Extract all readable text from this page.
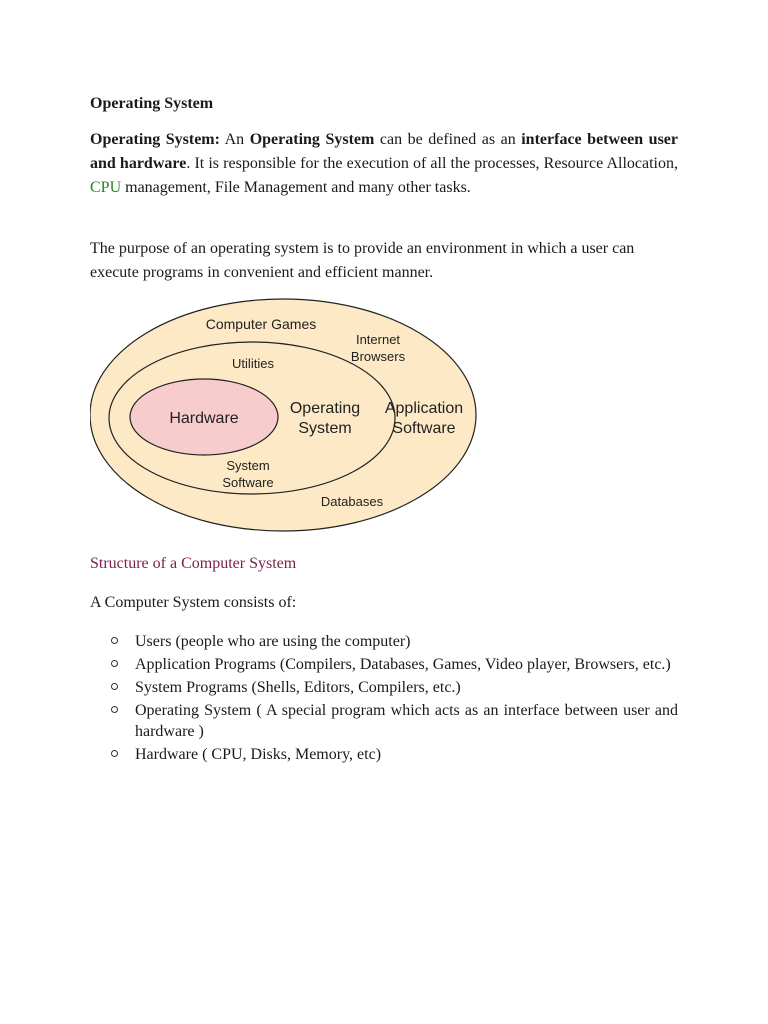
Operating System

Operating System: An Operating System can be defined as an interface between user and hardware. It is responsible for the execution of all the processes, Resource Allocation, CPU management, File Management and many other tasks.

The purpose of an operating system is to provide an environment in which a user can execute programs in convenient and efficient manner.

Hardware
Operating
System
Application
Software
Utilities
Computer Games
Internet
Browsers
System
Software
Databases

Structure of a Computer System

A Computer System consists of:

Users (people who are using the computer)
Application Programs (Compilers, Databases, Games, Video player, Browsers, etc.)
System Programs (Shells, Editors, Compilers, etc.)
Operating System ( A special program which acts as an interface between user and hardware )
Hardware ( CPU, Disks, Memory, etc)
